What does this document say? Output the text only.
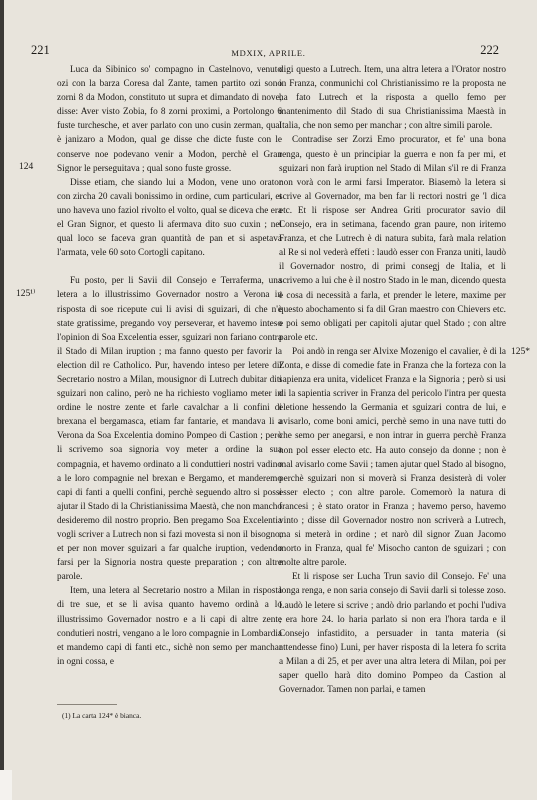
221	MDXIX, APRILE.	222
124
125¹⁾
125*

Luca da Sibinico so' compagno in Castelnovo, venuto ozi con la barza Coresa dal Zante, tamen partito ozi sono zorni 8 da Modon, constituto ut supra et dimandato di nove, disse: Aver visto Zobia, fo 8 zorni proximi, a Portolongo 6 fuste turchesche, et aver parlato con uno cusin zerman, qual è janizaro a Modon, qual ge disse che dicte fuste con le conserve noe podevano venir a Modon, perchè el Gran Signor le perseguitava ; qual sono fuste grosse.

Disse etiam, che siando lui a Modon, vene uno orator con zircha 20 cavali bonissimo in ordine, cum particulari, et uno haveva uno faziol rivolto el volto, qual se diceva che era el Gran Signor, et questo li afermava dito suo cuxin ; nel qual loco se faceva gran quantità de pan et si aspetava l'armata, vele 60 soto Cortogli capitano.

Fu posto, per li Savii dil Consejo e Terraferma, una letera a lo illustrissimo Governador nostro a Verona in risposta di soe ricepute cui li avisi di sguizari, di che n'è state gratissime, pregando voy perseverar, et havemo inteso l'opinion di Soa Excelentia esser, sguizari non fariano contra il Stado di Milan iruption ; ma fanno questo per favorir la election dil re Catholico. Pur, havendo inteso per letere dil Secretario nostro a Milan, mousignor di Lutrech dubitar diti sguizari non calino, però ne ha richiesto vogliamo meter in ordine le nostre zente et farle cavalchar a li confini di brexana el bergamasca, etiam far fantarie, et mandava li a Verona da Soa Excelentia domino Pompeo di Castion ; però li scrivemo soa signoria voy meter a ordine la sua compagnia, et havemo ordinato a li conduttieri nostri vadino a le loro compagnie nel brexan e Bergamo, et manderemo capi di fanti a quelli confini, perchè seguendo altro si possi ajutar il Stado di la Christianissima Maestà, che non mancho desideremo dil nostro proprio. Ben pregamo Soa Excelentia vogli scriver a Lutrech non si fazi movesta si non il bisogno, et per non mover sguizari a far qualche iruption, vedendo farsi per la Signoria nostra queste preparation ; con altre parole.

Item, una letera al Secretario nostro a Milan in risposta di tre sue, et se li avisa quanto havemo ordinà a lo illustrissimo Governador nostro e a li capi di altre zente condutieri nostri, vengano a le loro compagnie in Lombardia et mandemo capi di fanti etc., sichè non semo per manchar in ogni cossa, e

digi questo a Lutrech. Item, una altra letera a l'Orator nostro in Franza, conmunichi col Christianissimo re la proposta ne ha fato Lutrech et la risposta a quello femo per mantenimento dil Stado di sua Christianissima Maestà in Italia, che non semo per manchar ; con altre simili parole.

Contradise ser Zorzi Emo procurator, et fe' una bona renga, questo è un principiar la guerra e non fa per mi, et sguizari non farà iruption nel Stado di Milan s'il re di Franza non vorà con le armi farsi Imperator. Biasemò la letera si scrive al Governador, ma ben far li rectori nostri ge 'l dica etc. Et li rispose ser Andrea Griti procurator savio dil Consejo, era in setimana, facendo gran paure, non iritemo Franza, et che Lutrech è di natura subita, farà mala relation al Re si nol vederà effeti : laudò esser con Franza uniti, laudò il Governador nostro, di primi consegj de Italia, et li scrivemo a lui che è il nostro Stado in le man, dicendo questa è cosa di necessità a farla, et prender le letere, maxime per questo abochamento si fa dil Gran maestro con Chievers etc. e poi semo obligati per capitoli ajutar quel Stado ; con altre parole etc.

Poi andò in renga ser Alvixe Mozenigo el cavalier, è di la Zonta, e disse di comedie fate in Franza che la forteza con la sapienza era unita, videlicet Franza e la Signoria ; però si usi di la sapientia scriver in Franza del pericolo l'intra per questa eletione hessendo la Germania et sguizari contra de lui, e avisarlo, come boni amici, perchè semo in una nave tutti do che semo per anegarsi, e non intrar in guerra perchè Franza non pol esser electo etc. Ha auto consejo da donne ; non è mal avisarlo come Savii ; tamen ajutar quel Stado al bisogno, perchè sguizari non si moverà si Franza desisterà di voler esser electo ; con altre parole. Comemorò la natura di francesi ; è stato orator in Franza ; havemo perso, havemo vinto ; disse dil Governador nostro non scriverà a Lutrech, ma si meterà in ordine ; et narò dil signor Zuan Jacomo morto in Franza, qual fe' Misocho canton de sguizari ; con molte altre parole.

Et li rispose ser Lucha Trun savio dil Consejo. Fe' una longa renga, e non saria consejo di Savii darli si tolesse zoso. Laudò le letere si scrive ; andò drio parlando et pochi l'udiva ; era hore 24. lo haria parlato si non era l'hora tarda e il Consejo infastidito, a persuader in tanta materia (si attendesse fino) Luni, per haver risposta di la letera fo scrita a Milan a di 25, et per aver una altra letera di Milan, poi per saper quello harà dito domino Pompeo da Castion al Governador. Tamen non parlai, e tamen

(1) La carta 124* è bianca.
